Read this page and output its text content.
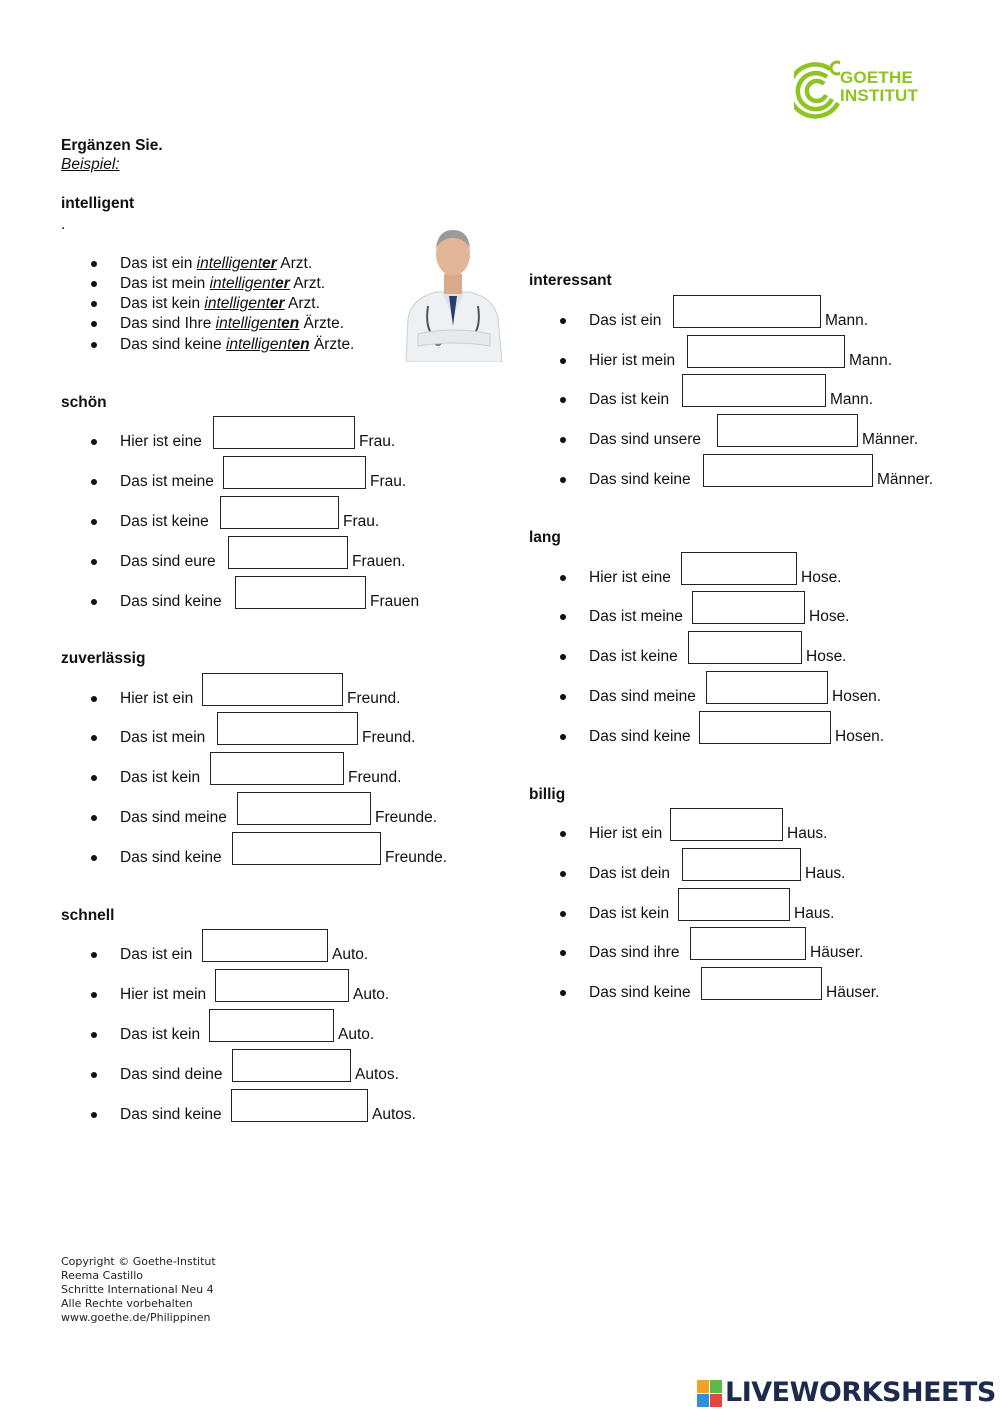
GOETHE
INSTITUT
Ergänzen Sie.
Beispiel:
intelligent
.
Das ist ein intelligenter Arzt.
Das ist mein intelligenter Arzt.
Das ist kein intelligenter Arzt.
Das sind Ihre intelligenten Ärzte.
Das sind keine intelligenten Ärzte.
schön
Hier ist eine	Frau.
Das ist meine	Frau.
Das ist keine	Frau.
Das sind eure	Frauen.
Das sind keine	Frauen
zuverlässig
Hier ist ein	Freund.
Das ist mein	Freund.
Das ist kein	Freund.
Das sind meine	Freunde.
Das sind keine	Freunde.
schnell
Das ist ein	Auto.
Hier ist mein	Auto.
Das ist kein	Auto.
Das sind deine	Autos.
Das sind keine	Autos.
interessant
Das ist ein	Mann.
Hier ist mein	Mann.
Das ist kein	Mann.
Das sind unsere	Männer.
Das sind keine	Männer.
lang
Hier ist eine	Hose.
Das ist meine	Hose.
Das ist keine	Hose.
Das sind meine	Hosen.
Das sind keine	Hosen.
billig
Hier ist ein	Haus.
Das ist dein	Haus.
Das ist kein	Haus.
Das sind ihre	Häuser.
Das sind keine	Häuser.
Copyright © Goethe-Institut
Reema Castillo
Schritte International Neu 4
Alle Rechte vorbehalten
www.goethe.de/Philippinen
LIVEWORKSHEETS
